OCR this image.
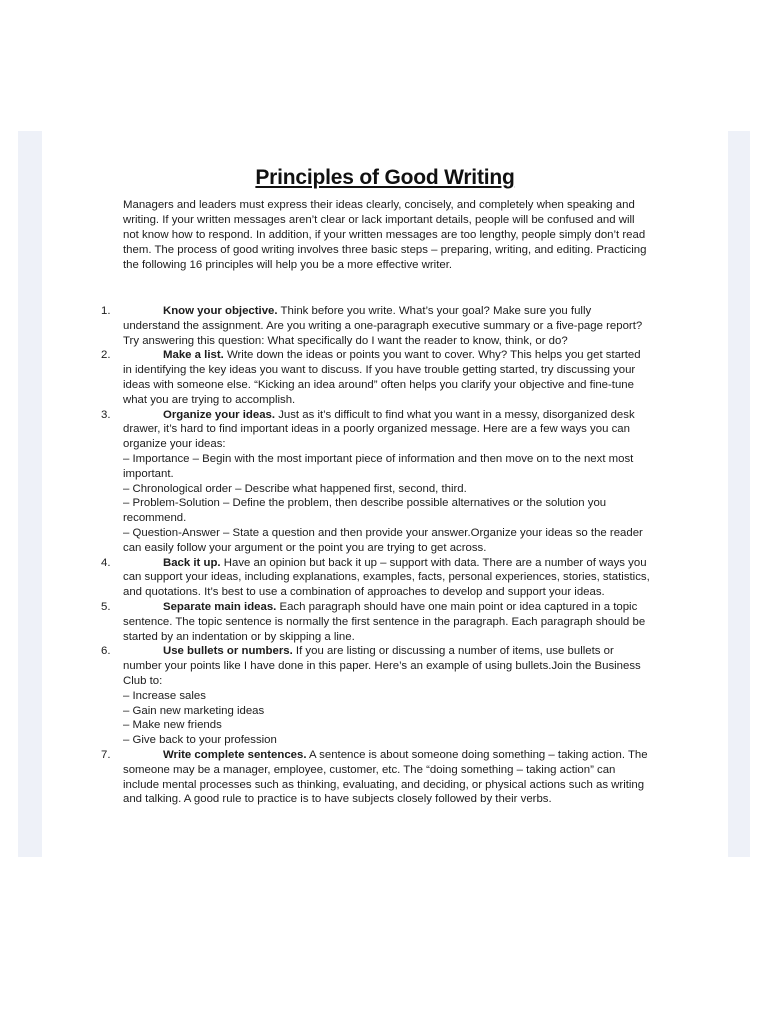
Principles of Good Writing

Managers and leaders must express their ideas clearly, concisely, and completely when speaking and writing. If your written messages aren’t clear or lack important details, people will be confused and will not know how to respond. In addition, if your written messages are too lengthy, people simply don’t read them. The process of good writing involves three basic steps – preparing, writing, and editing. Practicing the following 16 principles will help you be a more effective writer.

1.	Know your objective. Think before you write. What’s your goal? Make sure you fully understand the assignment. Are you writing a one-paragraph executive summary or a five-page report? Try answering this question: What specifically do I want the reader to know, think, or do?

2.	Make a list. Write down the ideas or points you want to cover. Why? This helps you get started in identifying the key ideas you want to discuss. If you have trouble getting started, try discussing your ideas with someone else. “Kicking an idea around” often helps you clarify your objective and fine-tune what you are trying to accomplish.

3.	Organize your ideas. Just as it’s difficult to find what you want in a messy, disorganized desk drawer, it’s hard to find important ideas in a poorly organized message. Here are a few ways you can organize your ideas:

– Importance – Begin with the most important piece of information and then move on to the next most important.

– Chronological order – Describe what happened first, second, third.

– Problem-Solution – Define the problem, then describe possible alternatives or the solution you recommend.

– Question-Answer – State a question and then provide your answer.Organize your ideas so the reader can easily follow your argument or the point you are trying to get across.

4.	Back it up. Have an opinion but back it up – support with data. There are a number of ways you can support your ideas, including explanations, examples, facts, personal experiences, stories, statistics, and quotations. It’s best to use a combination of approaches to develop and support your ideas.

5.	Separate main ideas. Each paragraph should have one main point or idea captured in a topic sentence. The topic sentence is normally the first sentence in the paragraph. Each paragraph should be started by an indentation or by skipping a line.

6.	Use bullets or numbers. If you are listing or discussing a number of items, use bullets or number your points like I have done in this paper. Here’s an example of using bullets.Join the Business Club to:

– Increase sales

– Gain new marketing ideas

– Make new friends

– Give back to your profession

7.	Write complete sentences. A sentence is about someone doing something – taking action. The someone may be a manager, employee, customer, etc. The “doing something – taking action” can include mental processes such as thinking, evaluating, and deciding, or physical actions such as writing and talking. A good rule to practice is to have subjects closely followed by their verbs.
